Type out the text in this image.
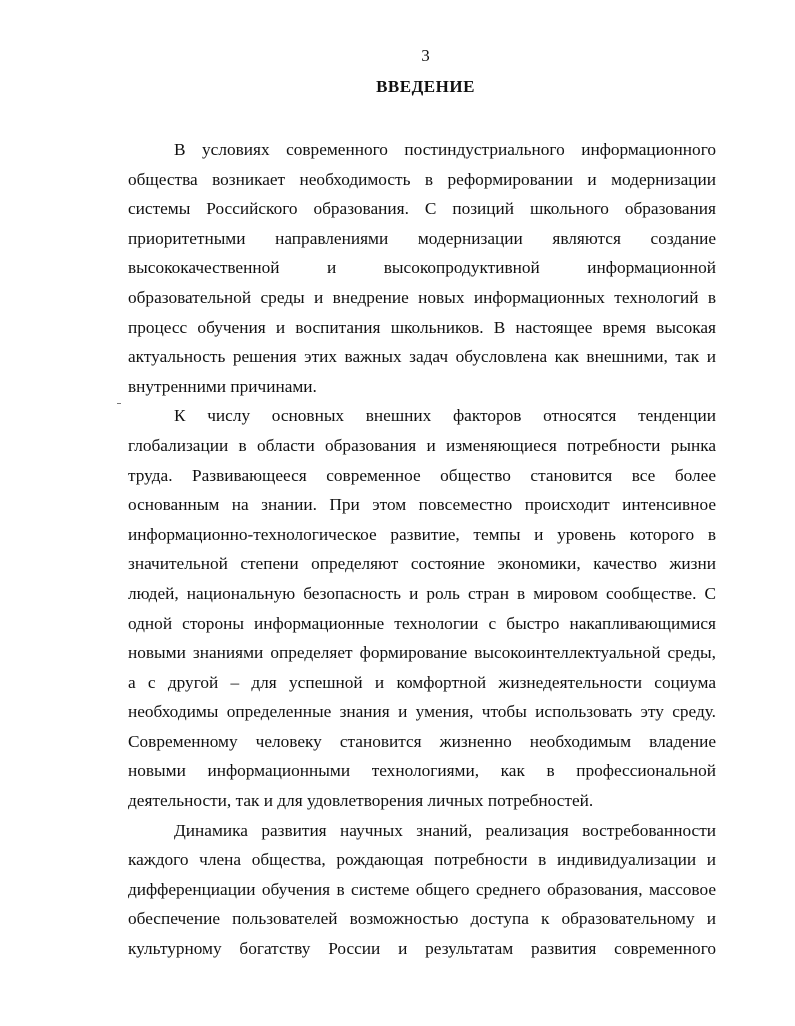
3
ВВЕДЕНИЕ
В условиях современного постиндустриального информационного
общества возникает необходимость в реформировании и модернизации
системы Российского образования. С позиций школьного образования
приоритетными направлениями модернизации являются создание
высококачественной и высокопродуктивной информационной
образовательной среды и внедрение новых информационных технологий в
процесс обучения и воспитания школьников. В настоящее время высокая
актуальность решения этих важных задач обусловлена как внешними, так и
внутренними причинами.
К числу основных внешних факторов относятся тенденции
глобализации в области образования и изменяющиеся потребности рынка
труда. Развивающееся современное общество становится все более
основанным на знании. При этом повсеместно происходит интенсивное
информационно-технологическое развитие, темпы и уровень которого в
значительной степени определяют состояние экономики, качество жизни
людей, национальную безопасность и роль стран в мировом сообществе. С
одной стороны информационные технологии с быстро накапливающимися
новыми знаниями определяет формирование высокоинтеллектуальной среды,
а с другой – для успешной и комфортной жизнедеятельности социума
необходимы определенные знания и умения, чтобы использовать эту среду.
Современному человеку становится жизненно необходимым владение
новыми информационными технологиями, как в профессиональной
деятельности, так и для удовлетворения личных потребностей.
Динамика развития научных знаний, реализация востребованности
каждого члена общества, рождающая потребности в индивидуализации и
дифференциации обучения в системе общего среднего образования, массовое
обеспечение пользователей возможностью доступа к образовательному и
культурному богатству России и результатам развития современного
